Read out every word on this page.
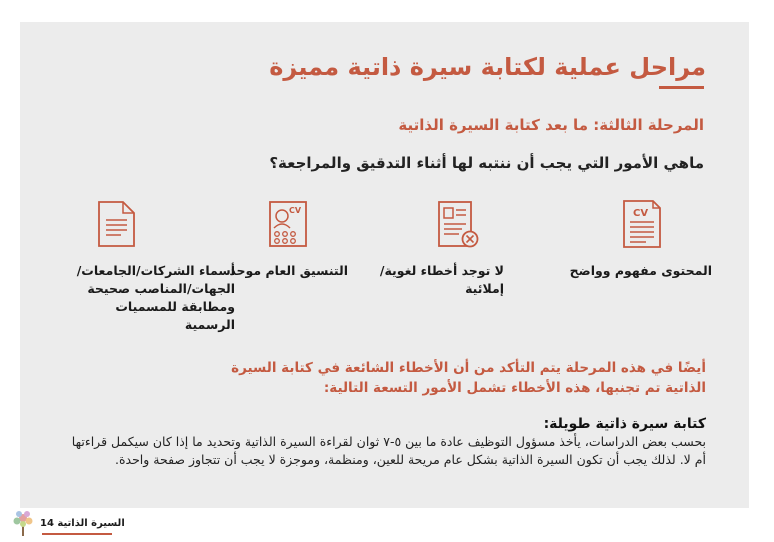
مراحل عملية لكتابة سيرة ذاتية مميزة
المرحلة الثالثة: ما بعد كتابة السيرة الذاتية
ماهي الأمور التي يجب أن ننتبه لها أثناء التدقيق والمراجعة؟
CV
المحتوى مفهوم وواضح
لا توجد أخطاء لغوية/ إملائية
CV
التنسيق العام موحد
أسماء الشركات/الجامعات/ الجهات/المناصب صحيحة ومطابقة للمسميات الرسمية
أيضًا في هذه المرحلة يتم التأكد من أن الأخطاء الشائعة في كتابة السيرة الذاتية تم تجنبها، هذه الأخطاء تشمل الأمور التسعة التالية:
كتابة سيرة ذاتية طويلة:
بحسب بعض الدراسات، يأخذ مسؤول التوظيف عادة ما بين ٥-٧ ثوان لقراءة السيرة الذاتية وتحديد ما إذا كان سيكمل قراءتها أم لا. لذلك يجب أن تكون السيرة الذاتية بشكل عام مريحة للعين، ومنظمة، وموجزة لا يجب أن تتجاوز صفحة واحدة.
السيرة الذاتية 14
